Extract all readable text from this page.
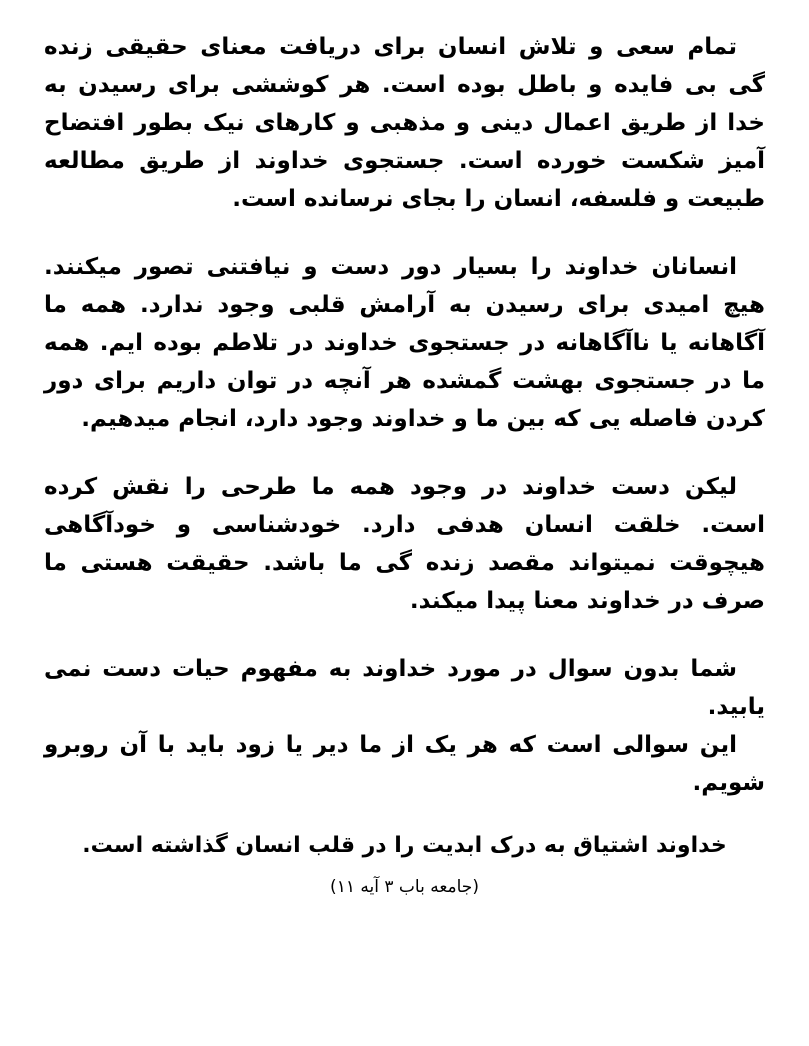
تمام سعی و تلاش انسان برای دریافت معنای حقیقی زنده گی بی فایده و باطل بوده است. هر کوششی برای رسیدن به خدا از طریق اعمال دینی و مذهبی و کارهای نیک بطور افتضاح آمیز شکست خورده است. جستجوی خداوند از طریق مطالعه طبیعت و فلسفه، انسان را بجای نرسانده است.

انسانان خداوند را بسیار دور دست و نیافتنی تصور میکنند. هیچ امیدی برای رسیدن به آرامش قلبی وجود ندارد. همه ما آگاهانه یا ناآگاهانه در جستجوی خداوند در تلاطم بوده ایم. همه ما در جستجوی بهشت گمشده هر آنچه در توان داریم برای دور کردن فاصله یی که بین ما و خداوند وجود دارد، انجام میدهیم.

لیکن دست خداوند در وجود همه ما طرحی را نقش کرده است. خلقت انسان هدفی دارد. خودشناسی و خودآگاهی هیچوقت نمیتواند مقصد زنده گی ما باشد. حقیقت هستی ما صرف در خداوند معنا پیدا میکند.

شما بدون سوال در مورد خداوند به مفهوم حیات دست نمی یابید.

این سوالی است که هر یک از ما دیر یا زود باید با آن روبرو شویم.

خداوند اشتیاق به درک ابدیت را در قلب انسان گذاشته است.

(جامعه باب ۳ آیه ۱۱)
